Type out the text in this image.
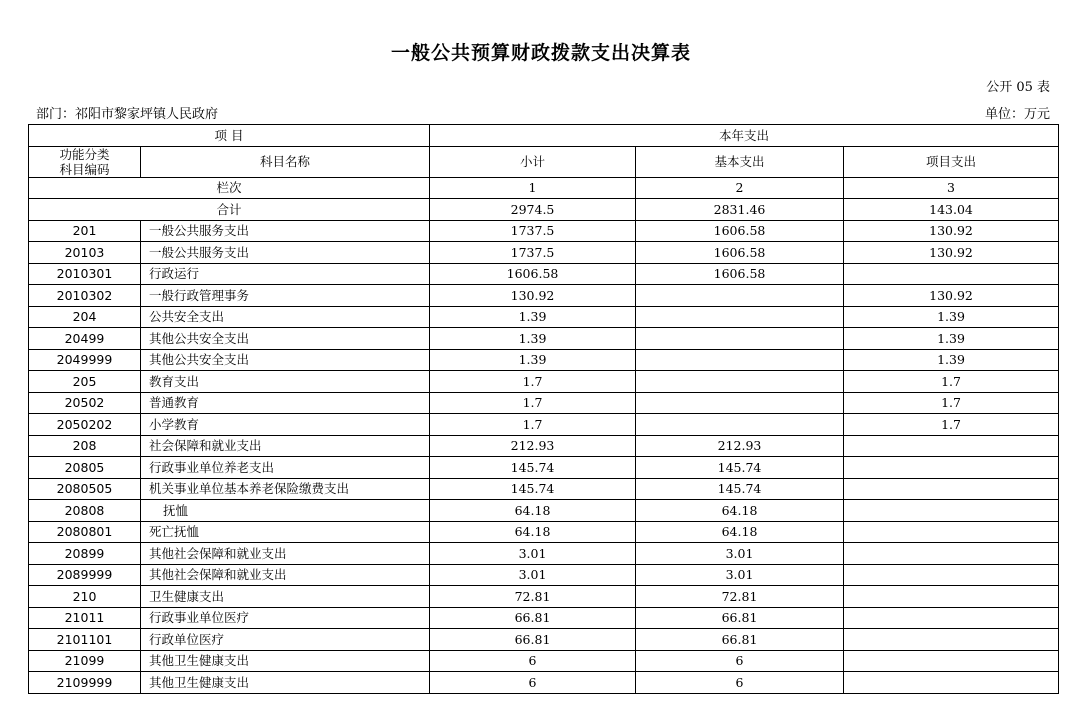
一般公共预算财政拨款支出决算表
公开 05 表
部门：祁阳市黎家坪镇人民政府	单位：万元
项 目		本年支出		

功能分类
科目编码	科目名称	小计	基本支出	项目支出
栏次		1	2	3
合计		2974.5	2831.46	143.04
201	一般公共服务支出	1737.5	1606.58	130.92
20103	一般公共服务支出	1737.5	1606.58	130.92
2010301	行政运行	1606.58	1606.58	
2010302	一般行政管理事务	130.92		130.92
204	公共安全支出	1.39		1.39
20499	其他公共安全支出	1.39		1.39
2049999	其他公共安全支出	1.39		1.39
205	教育支出	1.7		1.7
20502	普通教育	1.7		1.7
2050202	小学教育	1.7		1.7
208	社会保障和就业支出	212.93	212.93	
20805	行政事业单位养老支出	145.74	145.74	
2080505	机关事业单位基本养老保险缴费支出	145.74	145.74	
20808	抚恤	64.18	64.18	
2080801	死亡抚恤	64.18	64.18	
20899	其他社会保障和就业支出	3.01	3.01	
2089999	其他社会保障和就业支出	3.01	3.01	
210	卫生健康支出	72.81	72.81	
21011	行政事业单位医疗	66.81	66.81	
2101101	行政单位医疗	66.81	66.81	
21099	其他卫生健康支出	6	6	
2109999	其他卫生健康支出	6	6	
